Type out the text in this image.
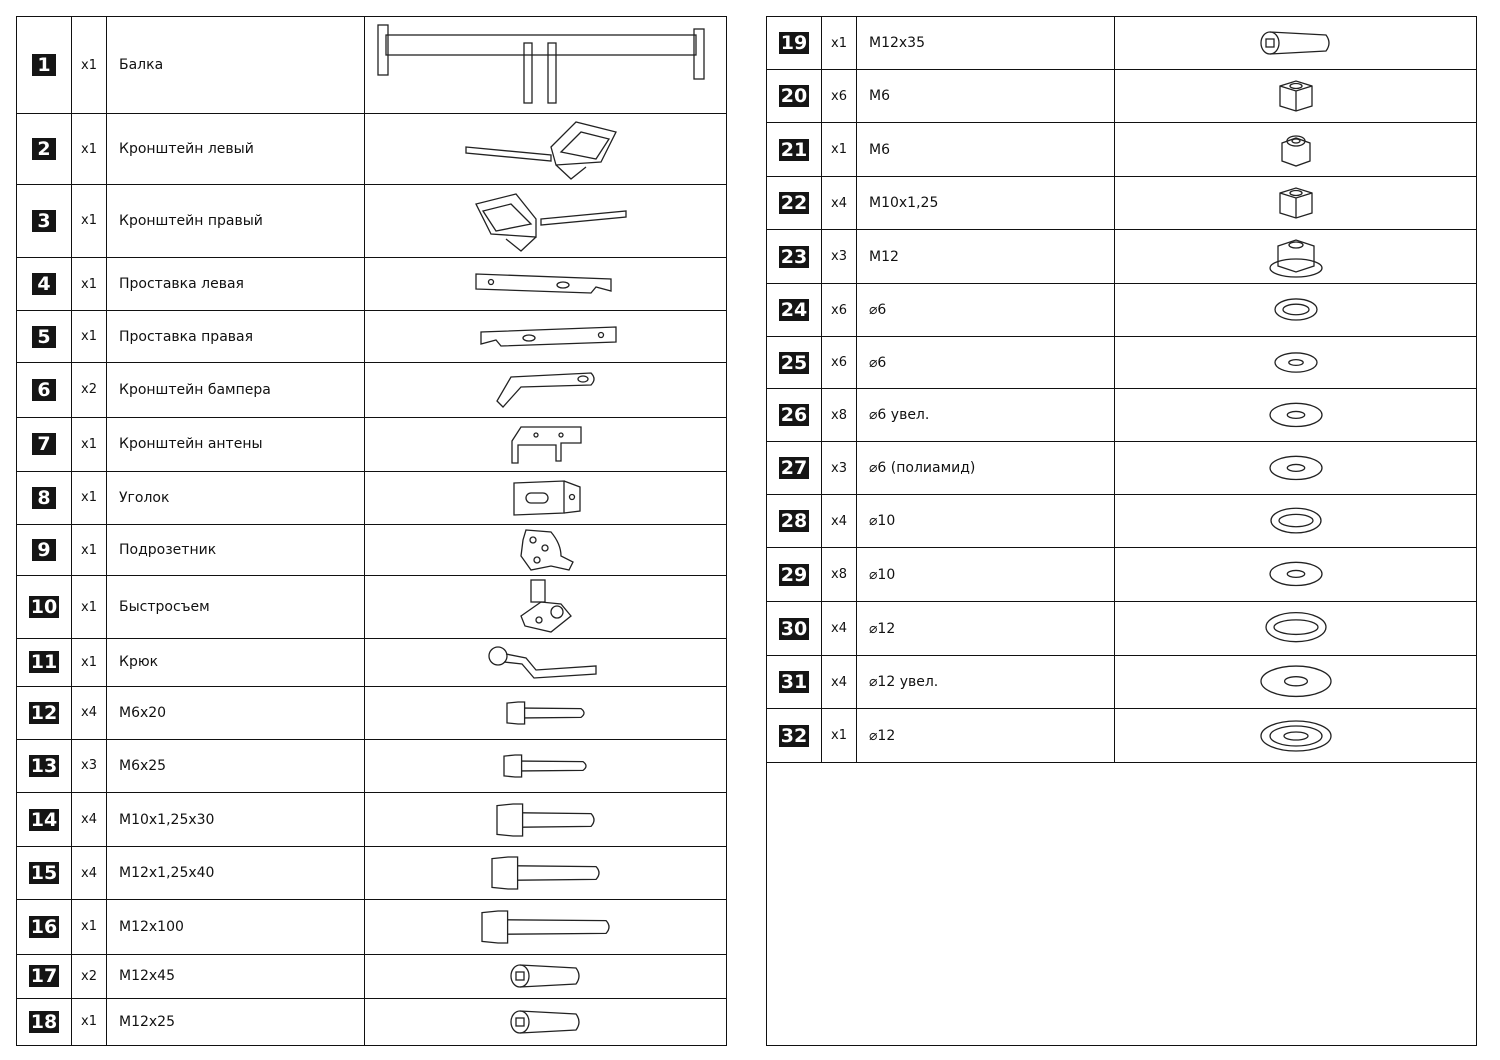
1	x1	Балка	

2	x1	Кронштейн левый	

3	x1	Кронштейн правый	

4	x1	Проставка левая	

5	x1	Проставка правая	

6	x2	Кронштейн бампера	

7	x1	Кронштейн антены	

8	x1	Уголок	

9	x1	Подрозетник	

10	x1	Быстросъем	

11	x1	Крюк	

12	x4	M6x20	

13	x3	M6x25	

14	x4	M10x1,25x30	

15	x4	M12x1,25x40	

16	x1	M12x100	

17	x2	M12x45	

18	x1	M12x25	
19	x1	M12x35	

20	x6	M6	

21	x1	M6	

22	x4	M10x1,25	

23	x3	M12	

24	x6	⌀6	

25	x6	⌀6	

26	x8	⌀6 увел.	

27	x3	⌀6 (полиамид)	

28	x4	⌀10	

29	x8	⌀10	

30	x4	⌀12	

31	x4	⌀12 увел.	

32	x1	⌀12	
